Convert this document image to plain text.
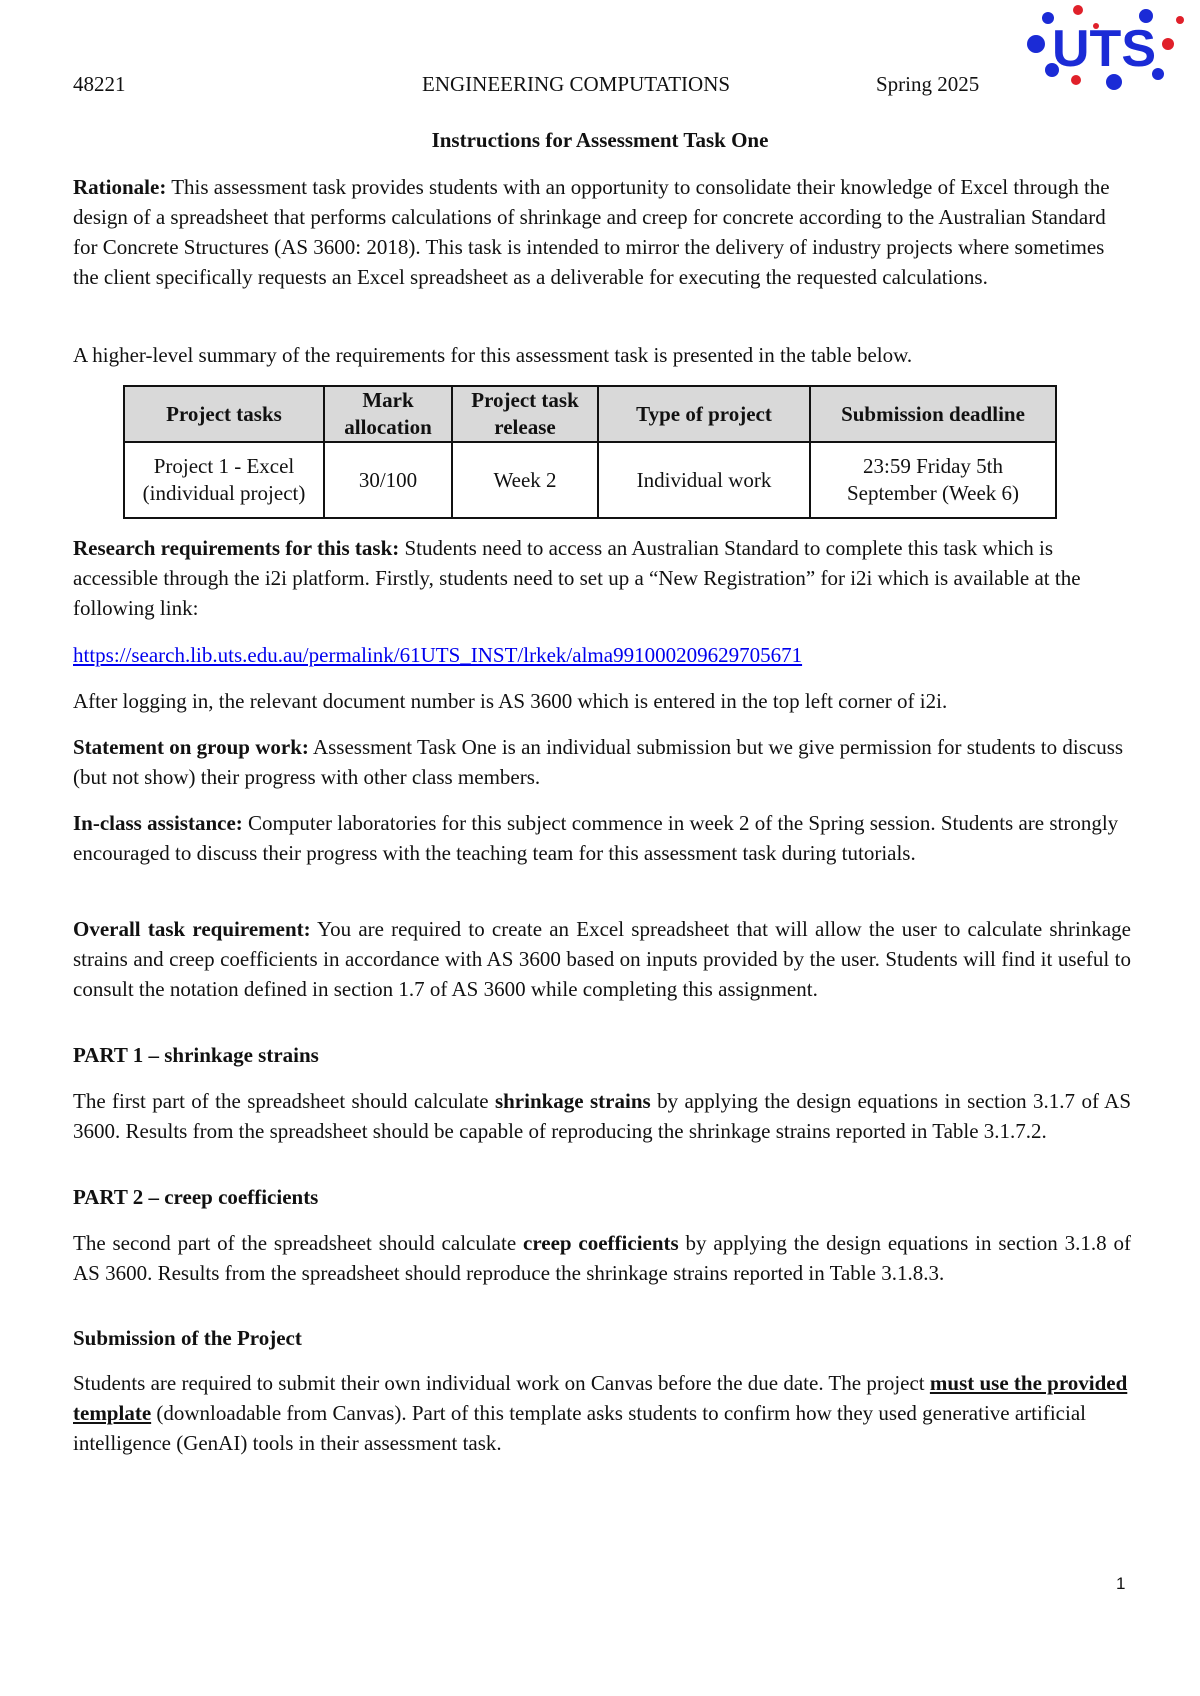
48221	ENGINEERING COMPUTATIONS	Spring 2025
UTS
Instructions for Assessment Task One

Rationale: This assessment task provides students with an opportunity to consolidate their knowledge of Excel through the design of a spreadsheet that performs calculations of shrinkage and creep for concrete according to the Australian Standard for Concrete Structures (AS 3600: 2018). This task is intended to mirror the delivery of industry projects where sometimes the client specifically requests an Excel spreadsheet as a deliverable for executing the requested calculations.

A higher-level summary of the requirements for this assessment task is presented in the table below.

Project tasks	Mark allocation	Project task release	Type of project	Submission deadline
Project 1 - Excel (individual project)	30/100	Week 2	Individual work	23:59 Friday 5th September (Week 6)

Research requirements for this task: Students need to access an Australian Standard to complete this task which is accessible through the i2i platform. Firstly, students need to set up a “New Registration” for i2i which is available at the following link:

https://search.lib.uts.edu.au/permalink/61UTS_INST/lrkek/alma991000209629705671

After logging in, the relevant document number is AS 3600 which is entered in the top left corner of i2i.

Statement on group work: Assessment Task One is an individual submission but we give permission for students to discuss (but not show) their progress with other class members.

In-class assistance: Computer laboratories for this subject commence in week 2 of the Spring session. Students are strongly encouraged to discuss their progress with the teaching team for this assessment task during tutorials.

Overall task requirement: You are required to create an Excel spreadsheet that will allow the user to calculate shrinkage strains and creep coefficients in accordance with AS 3600 based on inputs provided by the user. Students will find it useful to consult the notation defined in section 1.7 of AS 3600 while completing this assignment.

PART 1 – shrinkage strains

The first part of the spreadsheet should calculate shrinkage strains by applying the design equations in section 3.1.7 of AS 3600. Results from the spreadsheet should be capable of reproducing the shrinkage strains reported in Table 3.1.7.2.

PART 2 – creep coefficients

The second part of the spreadsheet should calculate creep coefficients by applying the design equations in section 3.1.8 of AS 3600. Results from the spreadsheet should reproduce the shrinkage strains reported in Table 3.1.8.3.

Submission of the Project

Students are required to submit their own individual work on Canvas before the due date. The project must use the provided template (downloadable from Canvas). Part of this template asks students to confirm how they used generative artificial intelligence (GenAI) tools in their assessment task.

1
